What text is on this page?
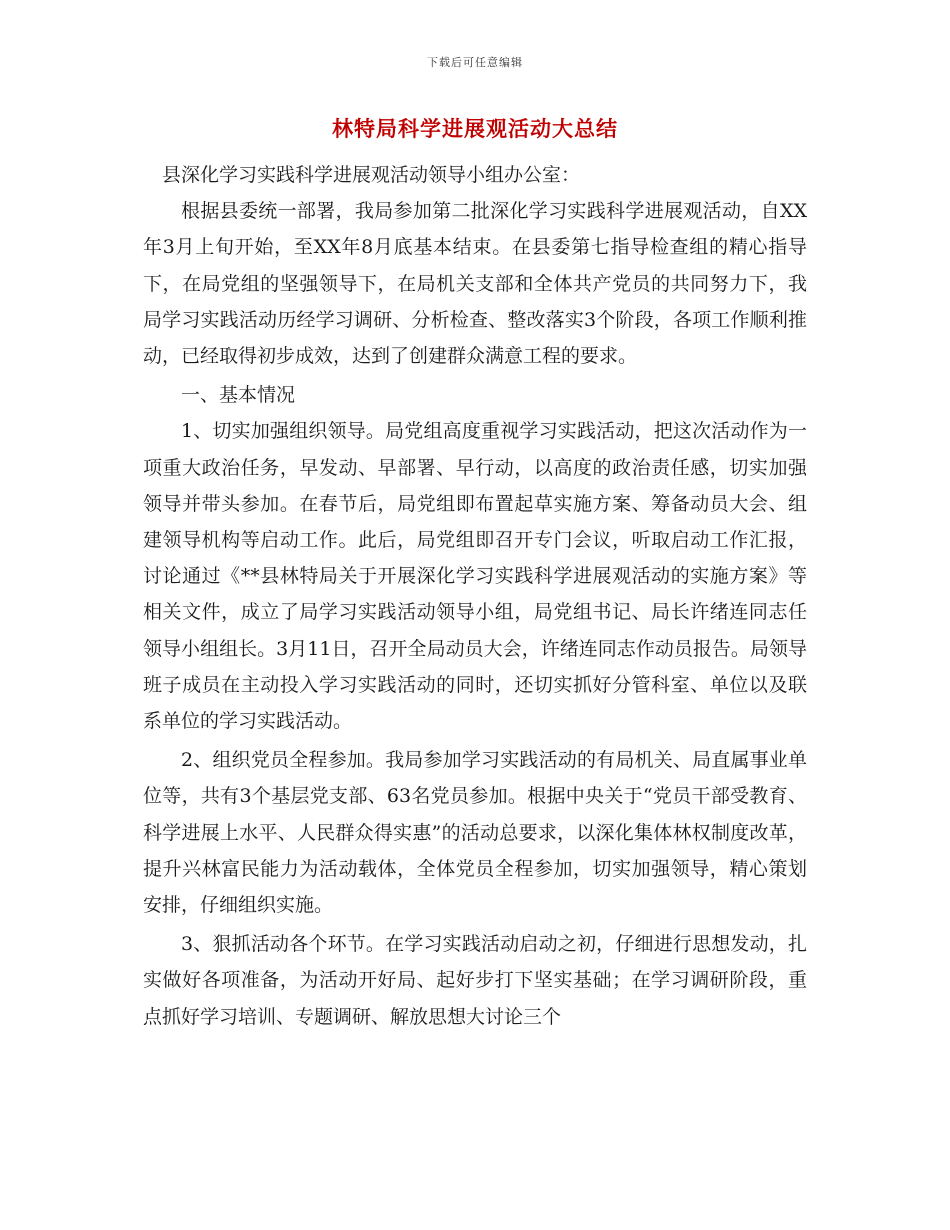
下载后可任意编辑
林特局科学进展观活动大总结

县深化学习实践科学进展观活动领导小组办公室：

根据县委统一部署，我局参加第二批深化学习实践科学进展观活动，自XX年3月上旬开始，至XX年8月底基本结束。在县委第七指导检查组的精心指导下，在局党组的坚强领导下，在局机关支部和全体共产党员的共同努力下，我局学习实践活动历经学习调研、分析检查、整改落实3个阶段，各项工作顺利推动，已经取得初步成效，达到了创建群众满意工程的要求。

一、基本情况

1、切实加强组织领导。局党组高度重视学习实践活动，把这次活动作为一项重大政治任务，早发动、早部署、早行动，以高度的政治责任感，切实加强领导并带头参加。在春节后，局党组即布置起草实施方案、筹备动员大会、组建领导机构等启动工作。此后，局党组即召开专门会议，听取启动工作汇报，讨论通过《**县林特局关于开展深化学习实践科学进展观活动的实施方案》等相关文件，成立了局学习实践活动领导小组，局党组书记、局长许绪连同志任领导小组组长。3月11日，召开全局动员大会，许绪连同志作动员报告。局领导班子成员在主动投入学习实践活动的同时，还切实抓好分管科室、单位以及联系单位的学习实践活动。

2、组织党员全程参加。我局参加学习实践活动的有局机关、局直属事业单位等，共有3个基层党支部、63名党员参加。根据中央关于“党员干部受教育、科学进展上水平、人民群众得实惠”的活动总要求，以深化集体林权制度改革，提升兴林富民能力为活动载体，全体党员全程参加，切实加强领导，精心策划安排，仔细组织实施。

3、狠抓活动各个环节。在学习实践活动启动之初，仔细进行思想发动，扎实做好各项准备，为活动开好局、起好步打下坚实基础；在学习调研阶段，重点抓好学习培训、专题调研、解放思想大讨论三个
